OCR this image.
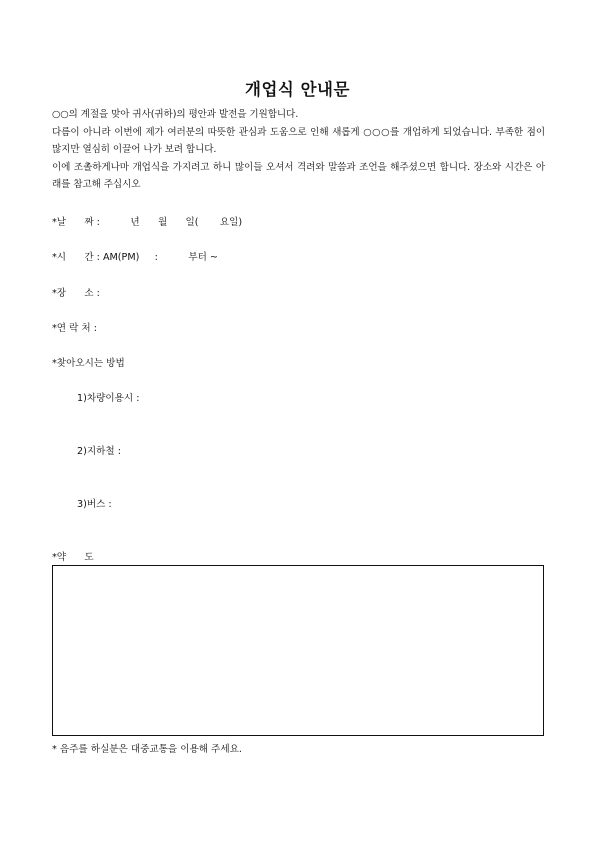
개업식 안내문

○○의 계절을 맞아 귀사(귀하)의 평안과 발전을 기원합니다.

다름이 아니라 이번에 제가 여러분의 따뜻한 관심과 도움으로 인해 새롭게 ○○○를 개업하게 되었습니다. 부족한 점이 많지만 열심히 이끌어 나가 보려 합니다.

이에 조촐하게나마 개업식을 가지려고 하니 많이들 오셔서 격려와 말씀과 조언을 해주셨으면 합니다. 장소와 시간은 아래를 참고해 주십시오

*날      짜 :          년      월      일(       요일)
*시      간 : AM(PM)     :          부터 ~
*장      소 :
*연 락 처 :
*찾아오시는 방법
1)차량이용시 :
2)지하철 :
3)버스 :
*약      도
* 음주를 하실분은 대중교통을 이용해 주세요.
